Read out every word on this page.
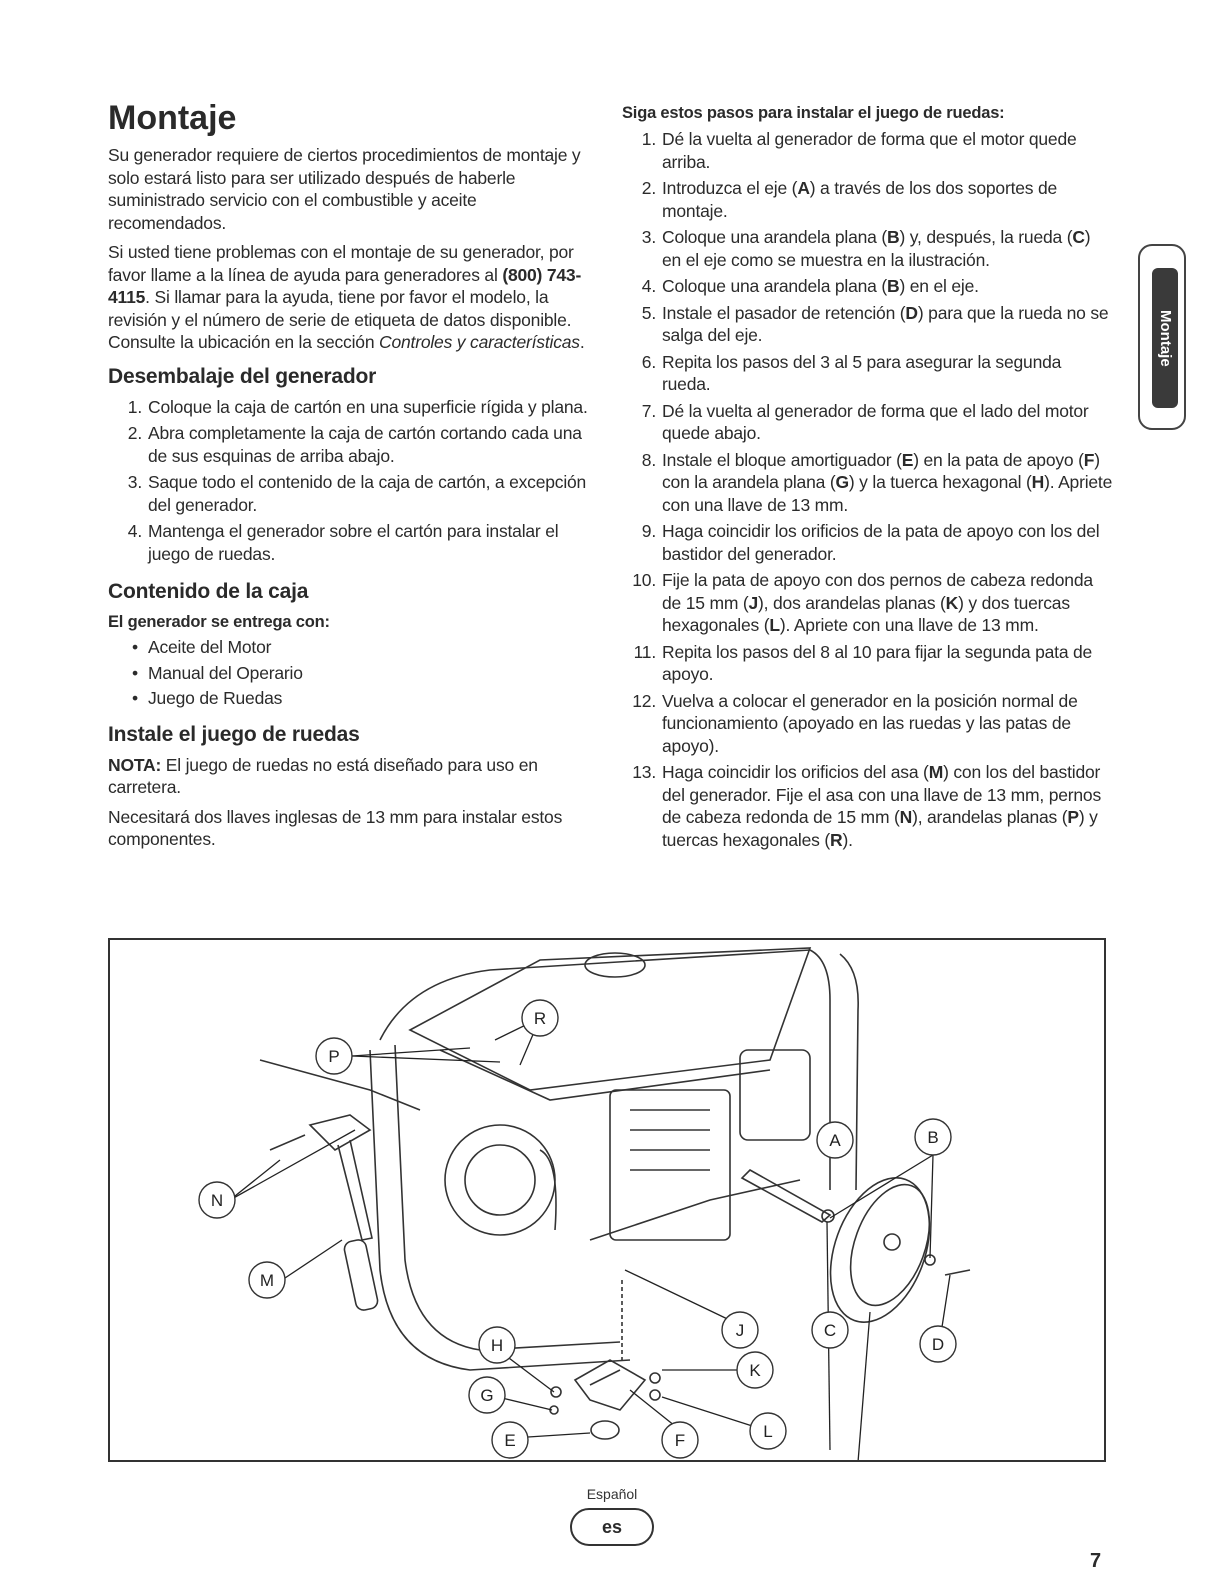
Montaje

Su generador requiere de ciertos procedimientos de montaje y solo estará listo para ser utilizado después de haberle suministrado servicio con el combustible y aceite recomendados.

Si usted tiene problemas con el montaje de su generador, por favor llame a la línea de ayuda para generadores al (800) 743-4115. Si llamar para la ayuda, tiene por favor el modelo, la revisión y el número de serie de etiqueta de datos disponible. Consulte la ubicación en la sección Controles y características.

Desembalaje del generador
1. Coloque la caja de cartón en una superficie rígida y plana.
2. Abra completamente la caja de cartón cortando cada una de sus esquinas de arriba abajo.
3. Saque todo el contenido de la caja de cartón, a excepción del generador.
4. Mantenga el generador sobre el cartón para instalar el juego de ruedas.
Contenido de la caja
El generador se entrega con:
• Aceite del Motor
• Manual del Operario
• Juego de Ruedas
Instale el juego de ruedas

NOTA: El juego de ruedas no está diseñado para uso en carretera.

Necesitará dos llaves inglesas de 13 mm para instalar estos componentes.

Siga estos pasos para instalar el juego de ruedas:
1. Dé la vuelta al generador de forma que el motor quede arriba.
2. Introduzca el eje (A) a través de los dos soportes de montaje.
3. Coloque una arandela plana (B) y, después, la rueda (C) en el eje como se muestra en la ilustración.
4. Coloque una arandela plana (B) en el eje.
5. Instale el pasador de retención (D) para que la rueda no se salga del eje.
6. Repita los pasos del 3 al 5 para asegurar la segunda rueda.
7. Dé la vuelta al generador de forma que el lado del motor quede abajo.
8. Instale el bloque amortiguador (E) en la pata de apoyo (F) con la arandela plana (G) y la tuerca hexagonal (H). Apriete con una llave de 13 mm.
9. Haga coincidir los orificios de la pata de apoyo con los del bastidor del generador.
10. Fije la pata de apoyo con dos pernos de cabeza redonda de 15 mm (J), dos arandelas planas (K) y dos tuercas hexagonales (L). Apriete con una llave de 13 mm.
11. Repita los pasos del 8 al 10 para fijar la segunda pata de apoyo.
12. Vuelva a colocar el generador en la posición normal de funcionamiento (apoyado en las ruedas y las patas de apoyo).
13. Haga coincidir los orificios del asa (M) con los del bastidor del generador. Fije el asa con una llave de 13 mm, pernos de cabeza redonda de 15 mm (N), arandelas planas (P) y tuercas hexagonales (R).
Montaje
R
P
N
M
A	B
C
D
J
H
K
G
L
E	F
Español
es
7
